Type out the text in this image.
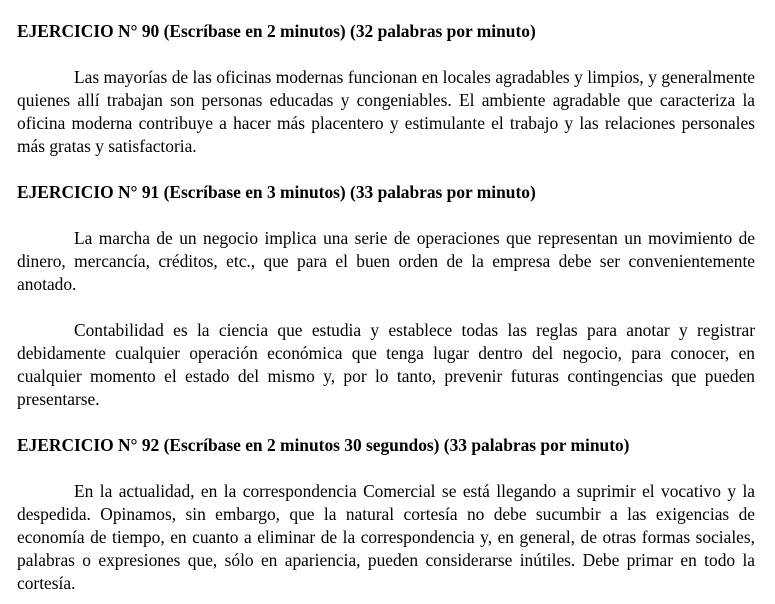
EJERCICIO N° 90 (Escríbase en 2 minutos) (32 palabras por minuto)

Las mayorías de las oficinas modernas funcionan en locales agradables y limpios, y generalmente quienes allí trabajan son personas educadas y congeniables. El ambiente agradable que caracteriza la oficina moderna contribuye a hacer más placentero y estimulante el trabajo y las relaciones personales más gratas y satisfactoria.

EJERCICIO N° 91 (Escríbase en 3 minutos) (33 palabras por minuto)

La marcha de un negocio implica una serie de operaciones que representan un movimiento de dinero, mercancía, créditos, etc., que para el buen orden de la empresa debe ser convenientemente anotado.

Contabilidad es la ciencia que estudia y establece todas las reglas para anotar y registrar debidamente cualquier operación económica que tenga lugar dentro del negocio, para conocer, en cualquier momento el estado del mismo y, por lo tanto, prevenir futuras contingencias que pueden presentarse.

EJERCICIO N° 92 (Escríbase en 2 minutos 30 segundos) (33 palabras por minuto)

En la actualidad, en la correspondencia Comercial se está llegando a suprimir el vocativo y la despedida. Opinamos, sin embargo, que la natural cortesía no debe sucumbir a las exigencias de economía de tiempo, en cuanto a eliminar de la correspondencia y, en general, de otras formas sociales, palabras o expresiones que, sólo en apariencia, pueden considerarse inútiles. Debe primar en todo la cortesía.
